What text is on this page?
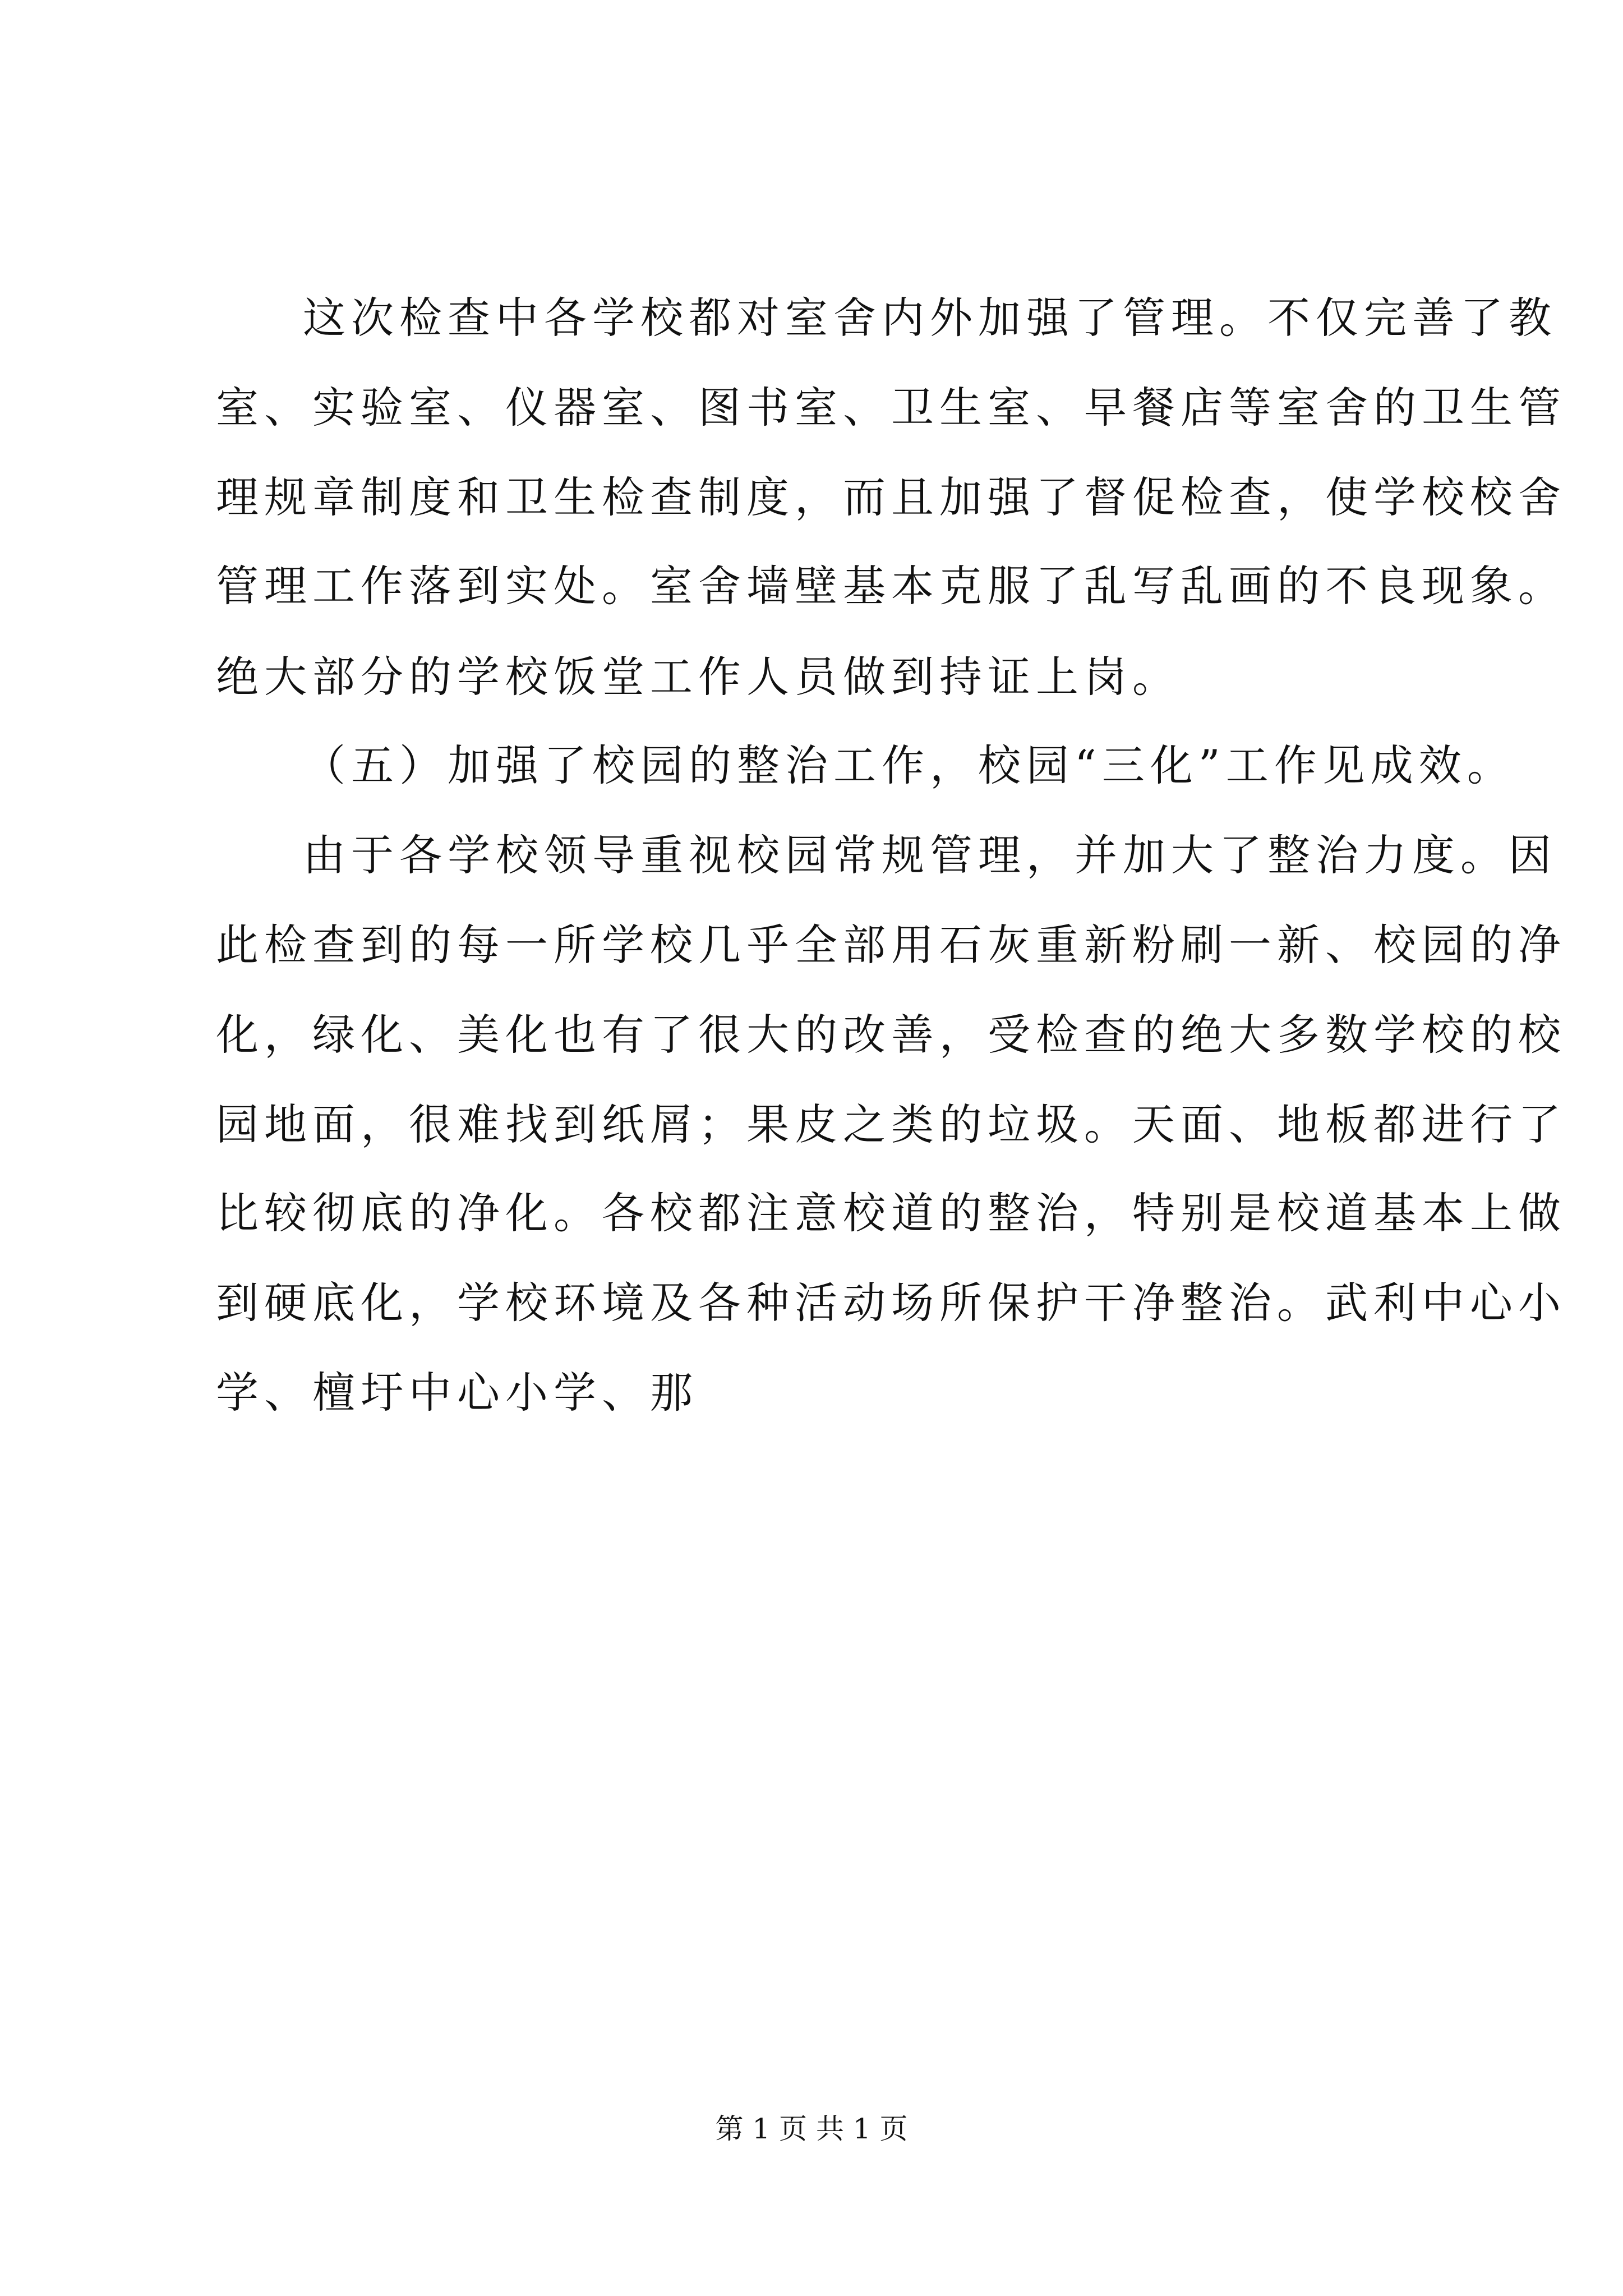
这次检查中各学校都对室舍内外加强了管理。不仅完善了教
室、实验室、仪器室、图书室、卫生室、早餐店等室舍的卫生管
理规章制度和卫生检查制度，而且加强了督促检查，使学校校舍
管理工作落到实处。室舍墙壁基本克服了乱写乱画的不良现象。
绝大部分的学校饭堂工作人员做到持证上岗。
（五）加强了校园的整治工作，校园“三化”工作见成效。
由于各学校领导重视校园常规管理，并加大了整治力度。因
此检查到的每一所学校几乎全部用石灰重新粉刷一新、校园的净
化，绿化、美化也有了很大的改善，受检查的绝大多数学校的校
园地面，很难找到纸屑；果皮之类的垃圾。天面、地板都进行了
比较彻底的净化。各校都注意校道的整治，特别是校道基本上做
到硬底化，学校环境及各种活动场所保护干净整治。武利中心小
学、檀圩中心小学、那
第 1 页 共 1 页
